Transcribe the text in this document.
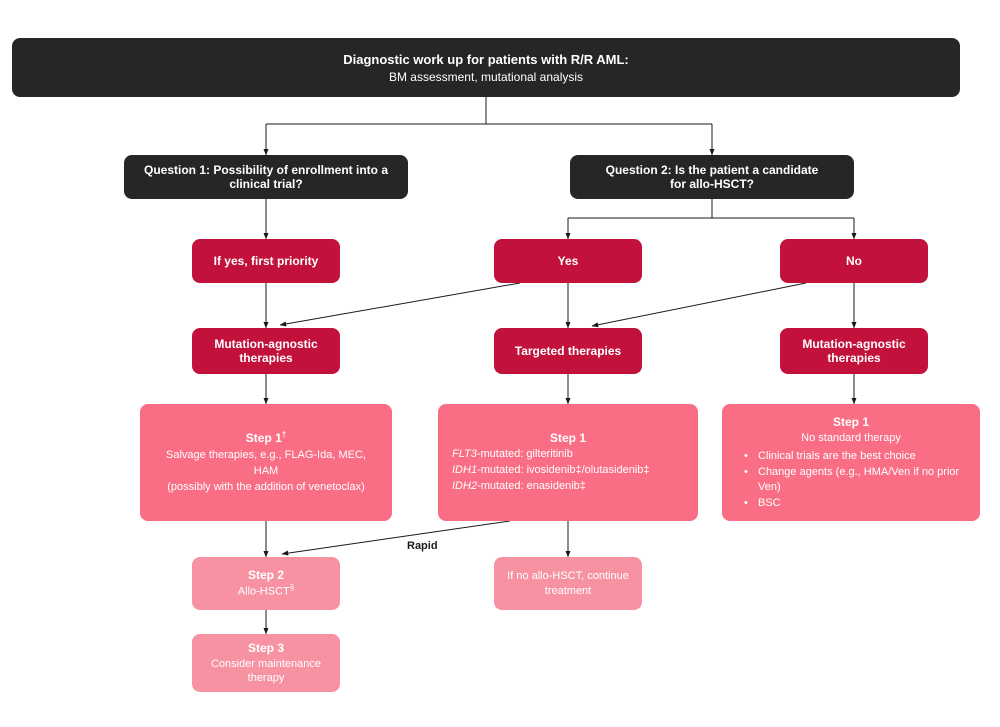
Rapid
Diagnostic work up for patients with R/R AML:
BM assessment, mutational analysis
Question 1: Possibility of enrollment into a
clinical trial?
Question 2: Is the patient a candidate
for allo-HSCT?
If yes, first priority	Yes	No
Mutation-agnostic
therapies	Targeted therapies	Mutation-agnostic
therapies
Step 1†
Salvage therapies, e.g., FLAG-Ida, MEC, HAM
(possibly with the addition of venetoclax)
Step 1
FLT3-mutated: gilteritinib
IDH1-mutated: ivosidenib‡/olutasidenib‡
IDH2-mutated: enasidenib‡
Step 1
No standard therapy
• Clinical trials are the best choice
• Change agents (e.g., HMA/Ven if no prior Ven)
• BSC
Step 2
Allo-HSCT§
If no allo-HSCT, continue
treatment
Step 3
Consider maintenance
therapy
